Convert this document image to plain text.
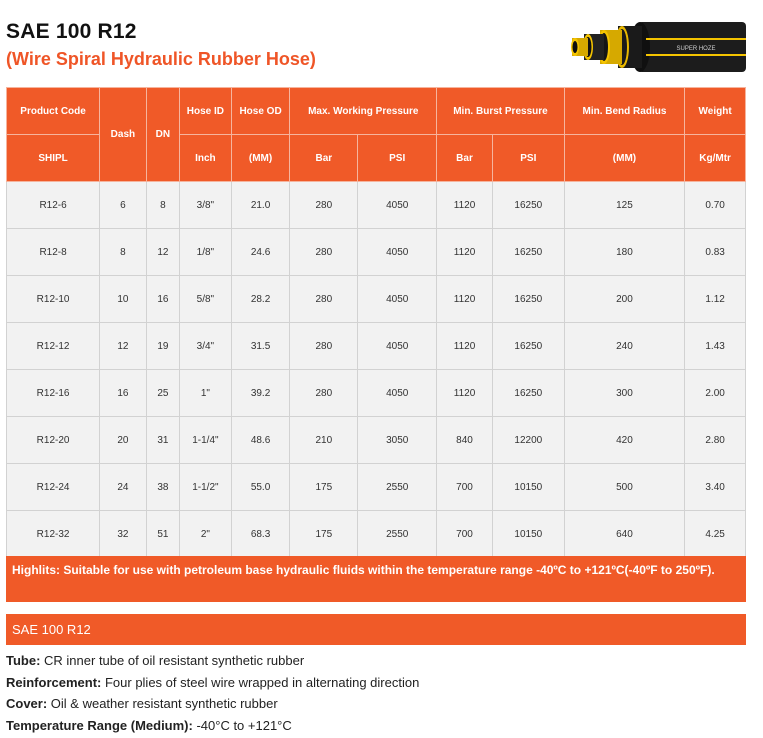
SAE 100 R12
(Wire Spiral Hydraulic Rubber Hose)	SUPER HOZE
Product Code	Dash	DN	Hose ID	Hose OD	Max. Working Pressure		Min. Burst Pressure		Min. Bend Radius	Weight
SHIPL			Inch	(MM)	Bar	PSI	Bar	PSI	(MM)	Kg/Mtr
R12-6	6	8	3/8"	21.0	280	4050	1120	16250	125	0.70
R12-8	8	12	1/8"	24.6	280	4050	1120	16250	180	0.83
R12-10	10	16	5/8"	28.2	280	4050	1120	16250	200	1.12
R12-12	12	19	3/4"	31.5	280	4050	1120	16250	240	1.43
R12-16	16	25	1"	39.2	280	4050	1120	16250	300	2.00
R12-20	20	31	1-1/4"	48.6	210	3050	840	12200	420	2.80
R12-24	24	38	1-1/2"	55.0	175	2550	700	10150	500	3.40
R12-32	32	51	2"	68.3	175	2550	700	10150	640	4.25
Highlits: Suitable for use with petroleum base hydraulic fluids within the temperature range -40ºC to +121ºC(-40ºF to 250ºF).
SAE 100 R12
Tube: CR inner tube of oil resistant synthetic rubber
Reinforcement: Four plies of steel wire wrapped in alternating direction
Cover: Oil & weather resistant synthetic rubber
Temperature Range (Medium): -40°C to +121°C
